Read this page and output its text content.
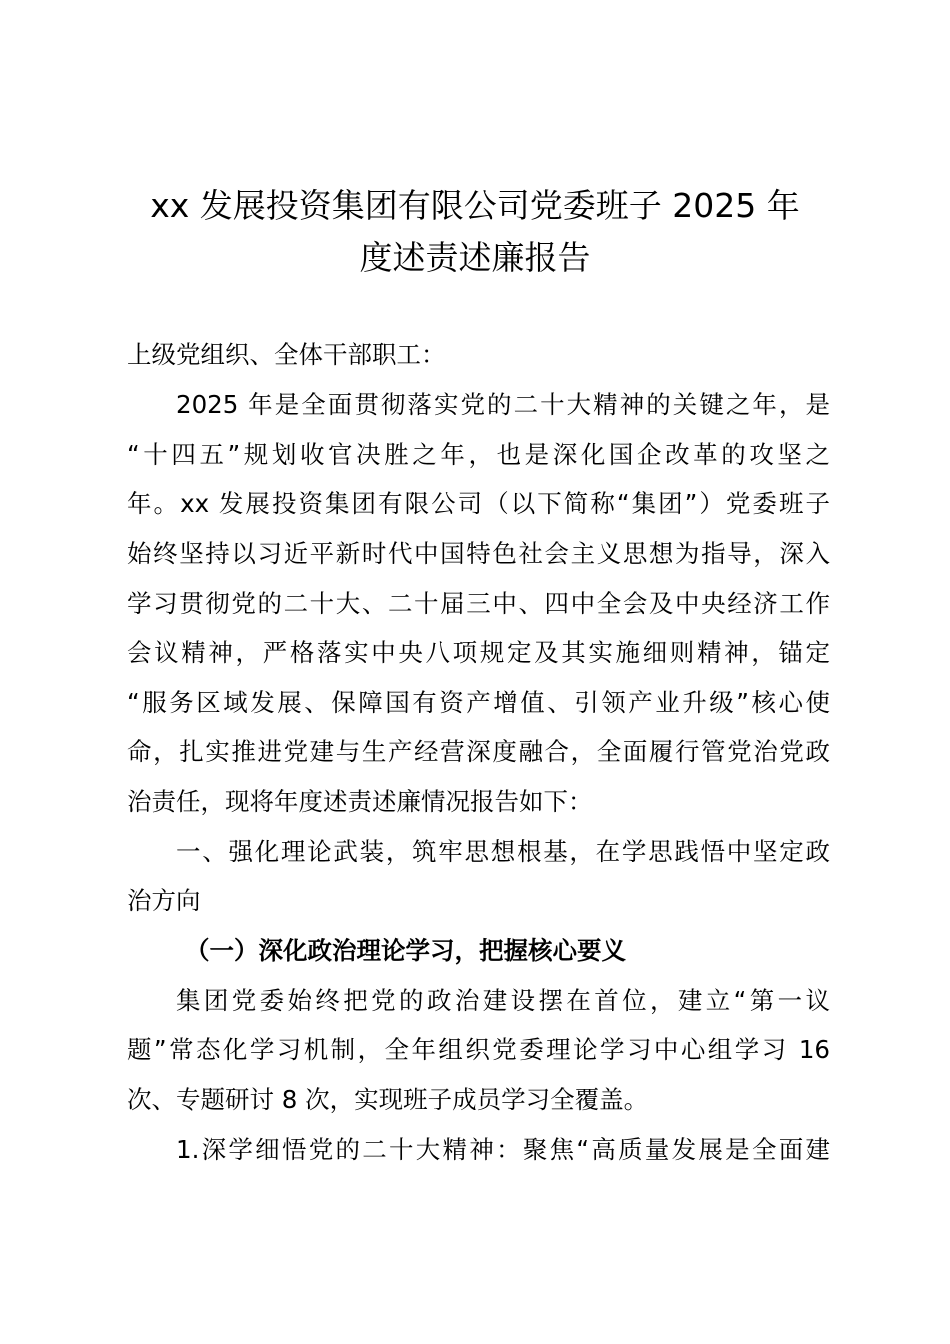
xx 发展投资集团有限公司党委班子 2025 年
度述责述廉报告
上级党组织、全体干部职工：
2025 年是全面贯彻落实党的二十大精神的关键之年，是
“十四五”规划收官决胜之年，也是深化国企改革的攻坚之
年。xx 发展投资集团有限公司（以下简称“集团”）党委班子
始终坚持以习近平新时代中国特色社会主义思想为指导，深入
学习贯彻党的二十大、二十届三中、四中全会及中央经济工作
会议精神，严格落实中央八项规定及其实施细则精神，锚定
“服务区域发展、保障国有资产增值、引领产业升级”核心使
命，扎实推进党建与生产经营深度融合，全面履行管党治党政
治责任，现将年度述责述廉情况报告如下：
一、强化理论武装，筑牢思想根基，在学思践悟中坚定政
治方向
（一）深化政治理论学习，把握核心要义
集团党委始终把党的政治建设摆在首位，建立“第一议
题”常态化学习机制，全年组织党委理论学习中心组学习 16
次、专题研讨 8 次，实现班子成员学习全覆盖。
1.深学细悟党的二十大精神：聚焦“高质量发展是全面建
